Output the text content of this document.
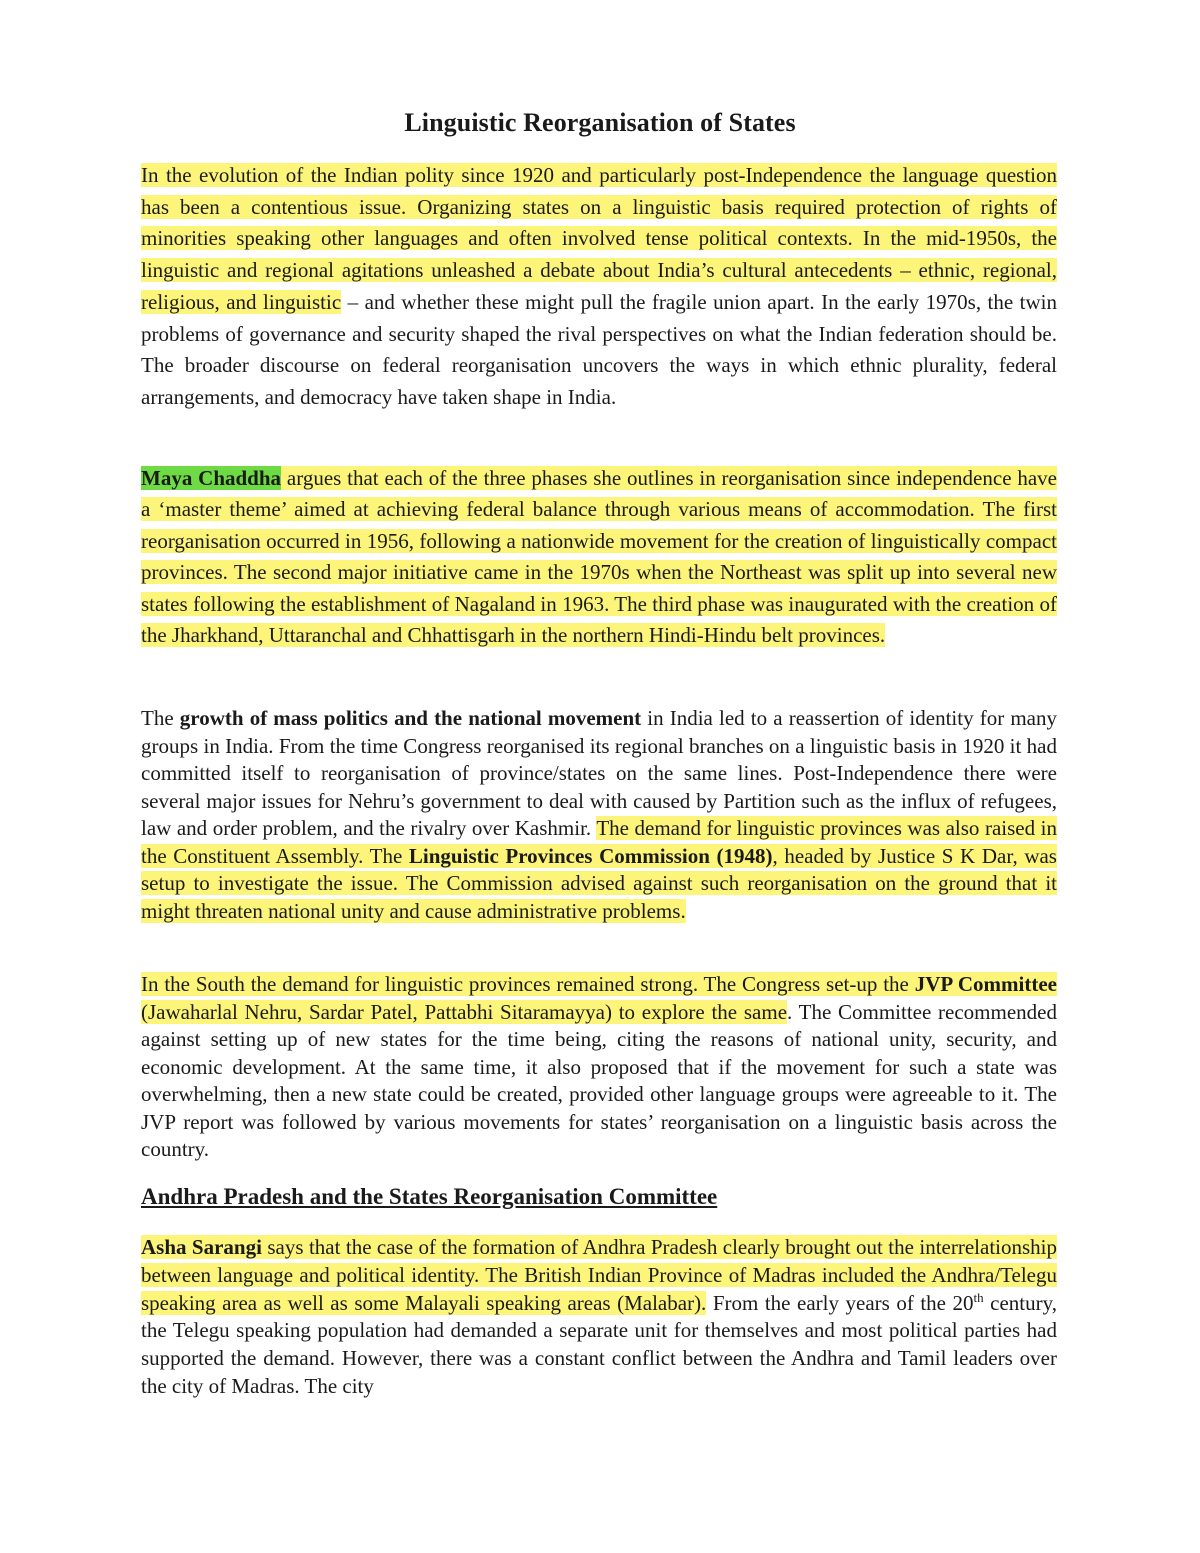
Linguistic Reorganisation of States

In the evolution of the Indian polity since 1920 and particularly post-Independence the language question has been a contentious issue. Organizing states on a linguistic basis required protection of rights of minorities speaking other languages and often involved tense political contexts. In the mid-1950s, the linguistic and regional agitations unleashed a debate about India’s cultural antecedents – ethnic, regional, religious, and linguistic – and whether these might pull the fragile union apart. In the early 1970s, the twin problems of governance and security shaped the rival perspectives on what the Indian federation should be. The broader discourse on federal reorganisation uncovers the ways in which ethnic plurality, federal arrangements, and democracy have taken shape in India.

Maya Chaddha argues that each of the three phases she outlines in reorganisation since independence have a ‘master theme’ aimed at achieving federal balance through various means of accommodation. The first reorganisation occurred in 1956, following a nationwide movement for the creation of linguistically compact provinces. The second major initiative came in the 1970s when the Northeast was split up into several new states following the establishment of Nagaland in 1963. The third phase was inaugurated with the creation of the Jharkhand, Uttaranchal and Chhattisgarh in the northern Hindi-Hindu belt provinces.

The growth of mass politics and the national movement in India led to a reassertion of identity for many groups in India. From the time Congress reorganised its regional branches on a linguistic basis in 1920 it had committed itself to reorganisation of province/states on the same lines. Post-Independence there were several major issues for Nehru’s government to deal with caused by Partition such as the influx of refugees, law and order problem, and the rivalry over Kashmir. The demand for linguistic provinces was also raised in the Constituent Assembly. The Linguistic Provinces Commission (1948), headed by Justice S K Dar, was setup to investigate the issue. The Commission advised against such reorganisation on the ground that it might threaten national unity and cause administrative problems.

In the South the demand for linguistic provinces remained strong. The Congress set-up the JVP Committee (Jawaharlal Nehru, Sardar Patel, Pattabhi Sitaramayya) to explore the same. The Committee recommended against setting up of new states for the time being, citing the reasons of national unity, security, and economic development. At the same time, it also proposed that if the movement for such a state was overwhelming, then a new state could be created, provided other language groups were agreeable to it. The JVP report was followed by various movements for states’ reorganisation on a linguistic basis across the country.

Andhra Pradesh and the States Reorganisation Committee

Asha Sarangi says that the case of the formation of Andhra Pradesh clearly brought out the interrelationship between language and political identity. The British Indian Province of Madras included the Andhra/Telegu speaking area as well as some Malayali speaking areas (Malabar). From the early years of the 20th century, the Telegu speaking population had demanded a separate unit for themselves and most political parties had supported the demand. However, there was a constant conflict between the Andhra and Tamil leaders over the city of Madras. The city
